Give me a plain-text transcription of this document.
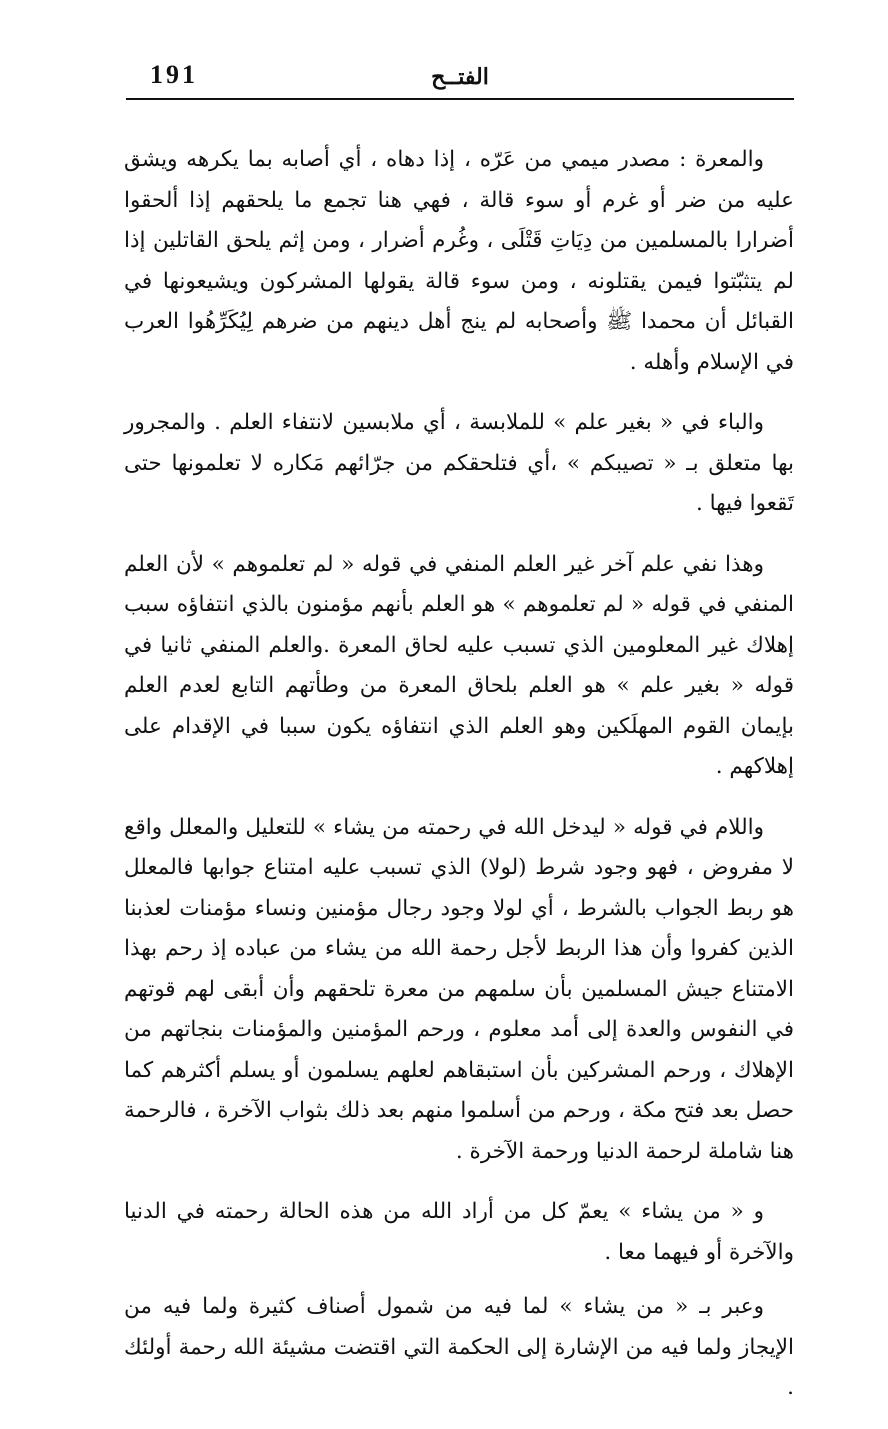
191	الفتــح

والمعرة : مصدر ميمي من عَرّه ، إذا دهاه ، أي أصابه بما يكرهه ويشق عليه من ضر أو غرم أو سوء قالة ، فهي هنا تجمع ما يلحقهم إذا ألحقوا أضرارا بالمسلمين من دِيَاتِ قَتْلَى ، وغُرم أضرار ، ومن إثم يلحق القاتلين إذا لم يتثبّتوا فيمن يقتلونه ، ومن سوء قالة يقولها المشركون ويشيعونها في القبائل أن محمدا ﷺ وأصحابه لم ينج أهل دينهم من ضرهم لِيُكَرِّهُوا العرب في الإسلام وأهله .

والباء في « بغير علم » للملابسة ، أي ملابسين لانتفاء العلم . والمجرور بها متعلق بـ « تصيبكم » ،أي فتلحقكم من جرّائهم مَكاره لا تعلمونها حتى تَقعوا فيها .

وهذا نفي علم آخر غير العلم المنفي في قوله « لم تعلموهم » لأن العلم المنفي في قوله « لم تعلموهم » هو العلم بأنهم مؤمنون بالذي انتفاؤه سبب إهلاك غير المعلومين الذي تسبب عليه لحاق المعرة .والعلم المنفي ثانيا في قوله « بغير علم » هو العلم بلحاق المعرة من وطأتهم التابع لعدم العلم بإيمان القوم المهلَكين وهو العلم الذي انتفاؤه يكون سببا في الإقدام على إهلاكهم .

واللام في قوله « ليدخل الله في رحمته من يشاء » للتعليل والمعلل واقع لا مفروض ، فهو وجود شرط (لولا) الذي تسبب عليه امتناع جوابها فالمعلل هو ربط الجواب بالشرط ، أي لولا وجود رجال مؤمنين ونساء مؤمنات لعذبنا الذين كفروا وأن هذا الربط لأجل رحمة الله من يشاء من عباده إذ رحم بهذا الامتناع جيش المسلمين بأن سلمهم من معرة تلحقهم وأن أبقى لهم قوتهم في النفوس والعدة إلى أمد معلوم ، ورحم المؤمنين والمؤمنات بنجاتهم من الإهلاك ، ورحم المشركين بأن استبقاهم لعلهم يسلمون أو يسلم أكثرهم كما حصل بعد فتح مكة ، ورحم من أسلموا منهم بعد ذلك بثواب الآخرة ، فالرحمة هنا شاملة لرحمة الدنيا ورحمة الآخرة .

و « من يشاء » يعمّ كل من أراد الله من هذه الحالة رحمته في الدنيا والآخرة أو فيهما معا .

وعبر بـ « من يشاء » لما فيه من شمول أصناف كثيرة ولما فيه من الإيجاز ولما فيه من الإشارة إلى الحكمة التي اقتضت مشيئة الله رحمة أولئك .
